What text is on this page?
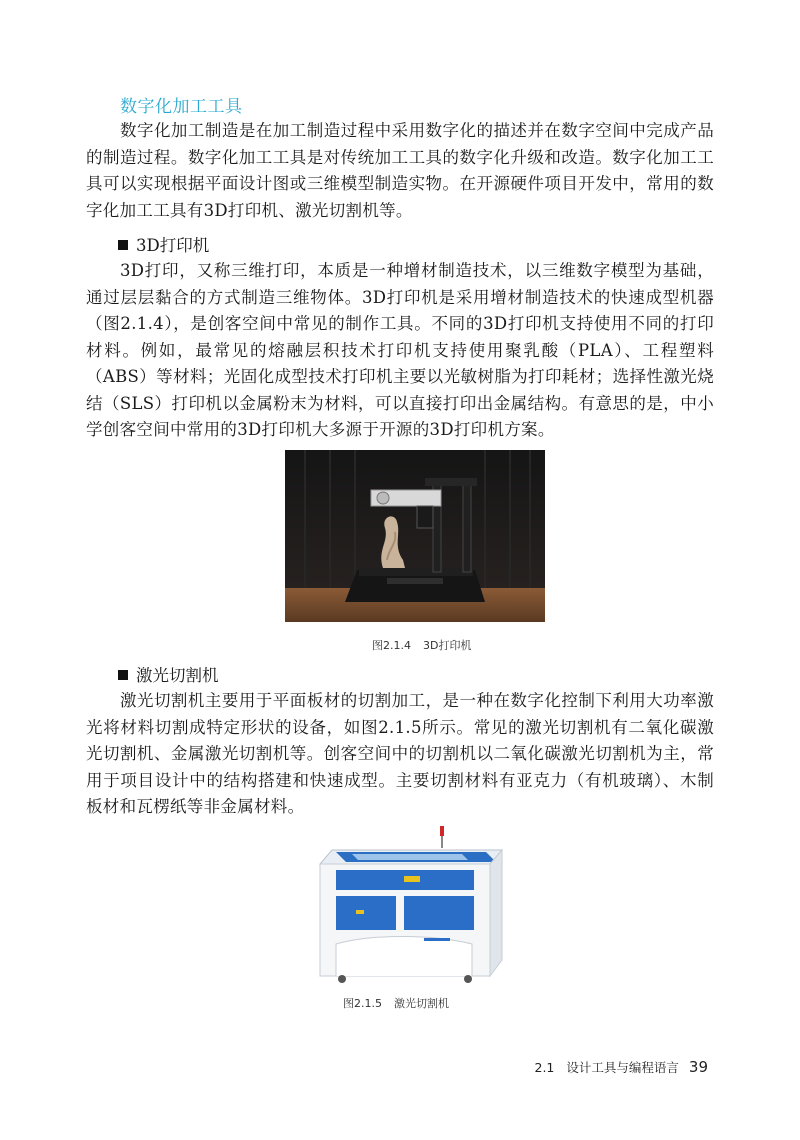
数字化加工工具

数字化加工制造是在加工制造过程中采用数字化的描述并在数字空间中完成产品的制造过程。数字化加工工具是对传统加工工具的数字化升级和改造。数字化加工工具可以实现根据平面设计图或三维模型制造实物。在开源硬件项目开发中，常用的数字化加工工具有3D打印机、激光切割机等。

3D打印机

3D打印，又称三维打印，本质是一种增材制造技术，以三维数字模型为基础，通过层层黏合的方式制造三维物体。3D打印机是采用增材制造技术的快速成型机器（图2.1.4），是创客空间中常见的制作工具。不同的3D打印机支持使用不同的打印材料。例如，最常见的熔融层积技术打印机支持使用聚乳酸（PLA）、工程塑料（ABS）等材料；光固化成型技术打印机主要以光敏树脂为打印耗材；选择性激光烧结（SLS）打印机以金属粉末为材料，可以直接打印出金属结构。有意思的是，中小学创客空间中常用的3D打印机大多源于开源的3D打印机方案。

图2.1.4 3D打印机
激光切割机

激光切割机主要用于平面板材的切割加工，是一种在数字化控制下利用大功率激光将材料切割成特定形状的设备，如图2.1.5所示。常见的激光切割机有二氧化碳激光切割机、金属激光切割机等。创客空间中的切割机以二氧化碳激光切割机为主，常用于项目设计中的结构搭建和快速成型。主要切割材料有亚克力（有机玻璃）、木制板材和瓦楞纸等非金属材料。

图2.1.5 激光切割机
2.1 设计工具与编程语言 39
